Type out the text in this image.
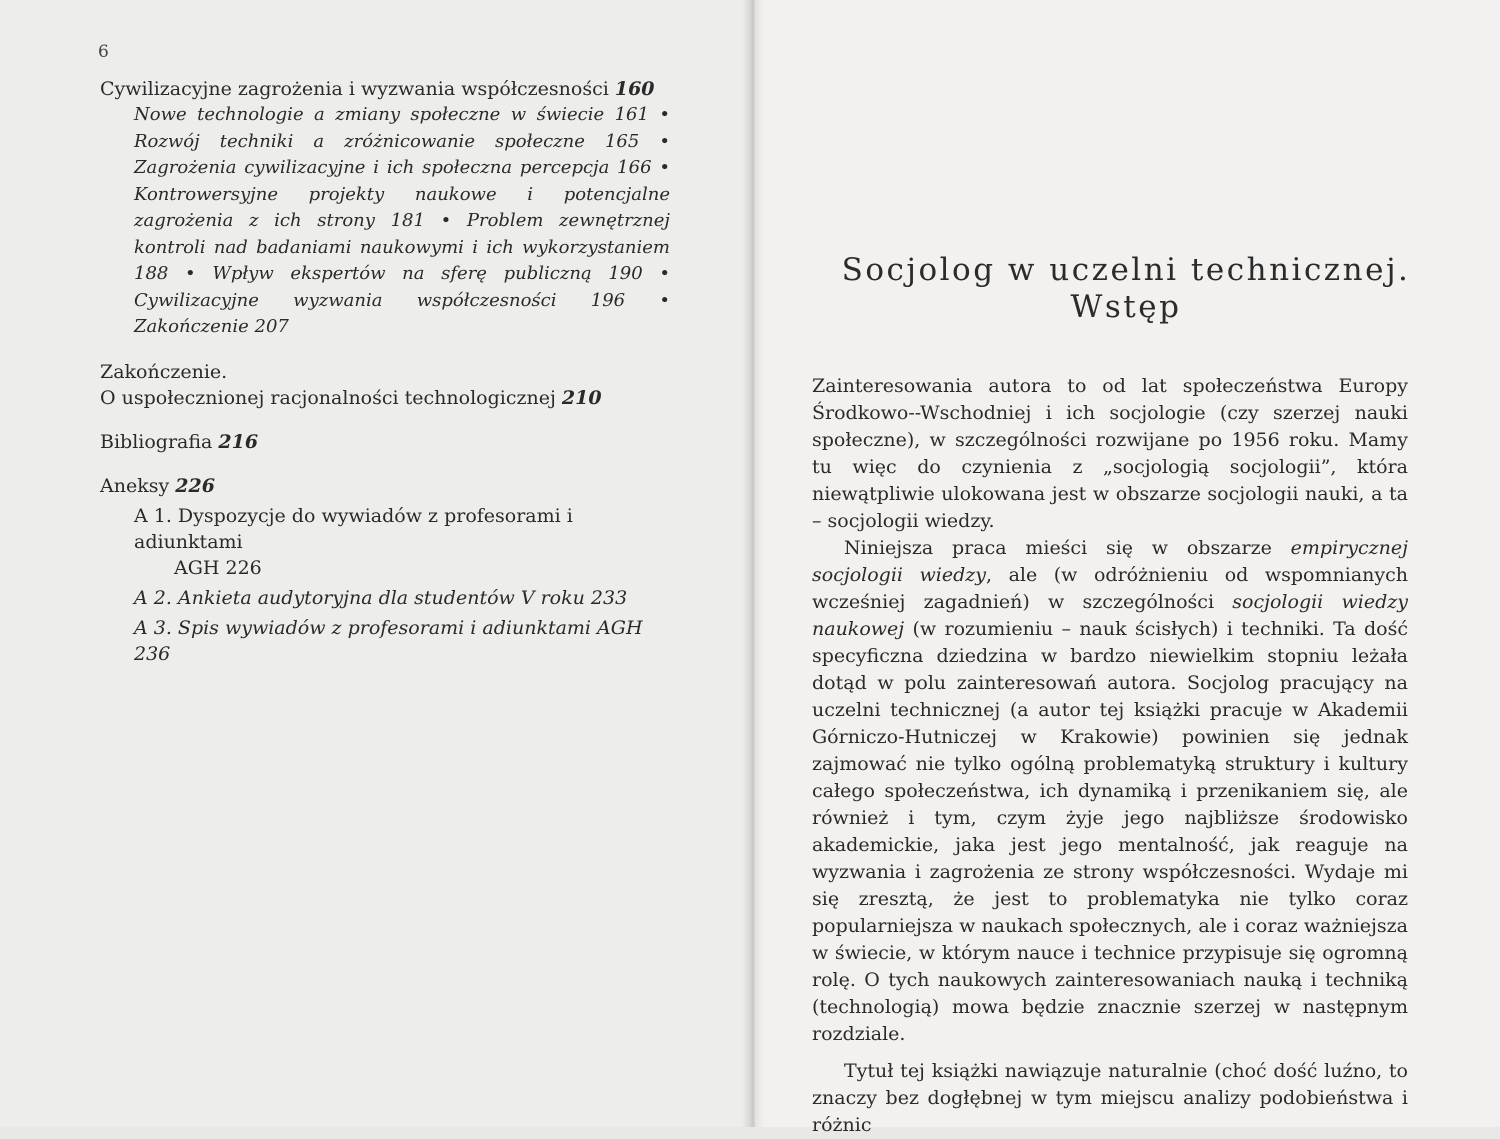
6

Cywilizacyjne zagrożenia i wyzwania współczesności 160

Nowe technologie a zmiany społeczne w świecie 161 • Rozwój techniki a zróżnicowanie społeczne 165 • Zagrożenia cywilizacyjne i ich społeczna percepcja 166 • Kontrowersyjne projekty naukowe i potencjalne zagrożenia z ich strony 181 • Problem zewnętrznej kontroli nad badaniami naukowymi i ich wykorzystaniem 188 • Wpływ ekspertów na sferę publiczną 190 • Cywilizacyjne wyzwania współczesności 196 • Zakończenie 207

Zakończenie.

O uspołecznionej racjonalności technologicznej 210

Bibliografia 216

Aneksy 226

A 1. Dyspozycje do wywiadów z profesorami i adiunktami
AGH 226
A 2. Ankieta audytoryjna dla studentów V roku 233
A 3. Spis wywiadów z profesorami i adiunktami AGH 236
Socjolog w uczelni technicznej.
Wstęp

Zainteresowania autora to od lat społeczeństwa Europy Środkowo--Wschodniej i ich socjologie (czy szerzej nauki społeczne), w szczególności rozwijane po 1956 roku. Mamy tu więc do czynienia z „socjologią socjologii”, która niewątpliwie ulokowana jest w obszarze socjologii nauki, a ta – socjologii wiedzy.

Niniejsza praca mieści się w obszarze empirycznej socjologii wiedzy, ale (w odróżnieniu od wspomnianych wcześniej zagadnień) w szczególności socjologii wiedzy naukowej (w rozumieniu – nauk ścisłych) i techniki. Ta dość specyficzna dziedzina w bardzo niewielkim stopniu leżała dotąd w polu zainteresowań autora. Socjolog pracujący na uczelni technicznej (a autor tej książki pracuje w Akademii Górniczo-Hutniczej w Krakowie) powinien się jednak zajmować nie tylko ogólną problematyką struktury i kultury całego społeczeństwa, ich dynamiką i przenikaniem się, ale również i tym, czym żyje jego najbliższe środowisko akademickie, jaka jest jego mentalność, jak reaguje na wyzwania i zagrożenia ze strony współczesności. Wydaje mi się zresztą, że jest to problematyka nie tylko coraz popularniejsza w naukach społecznych, ale i coraz ważniejsza w świecie, w którym nauce i technice przypisuje się ogromną rolę. O tych naukowych zainteresowaniach nauką i techniką (technologią) mowa będzie znacznie szerzej w następnym rozdziale.

Tytuł tej książki nawiązuje naturalnie (choć dość luźno, to znaczy bez dogłębnej w tym miejscu analizy podobieństwa i różnic
